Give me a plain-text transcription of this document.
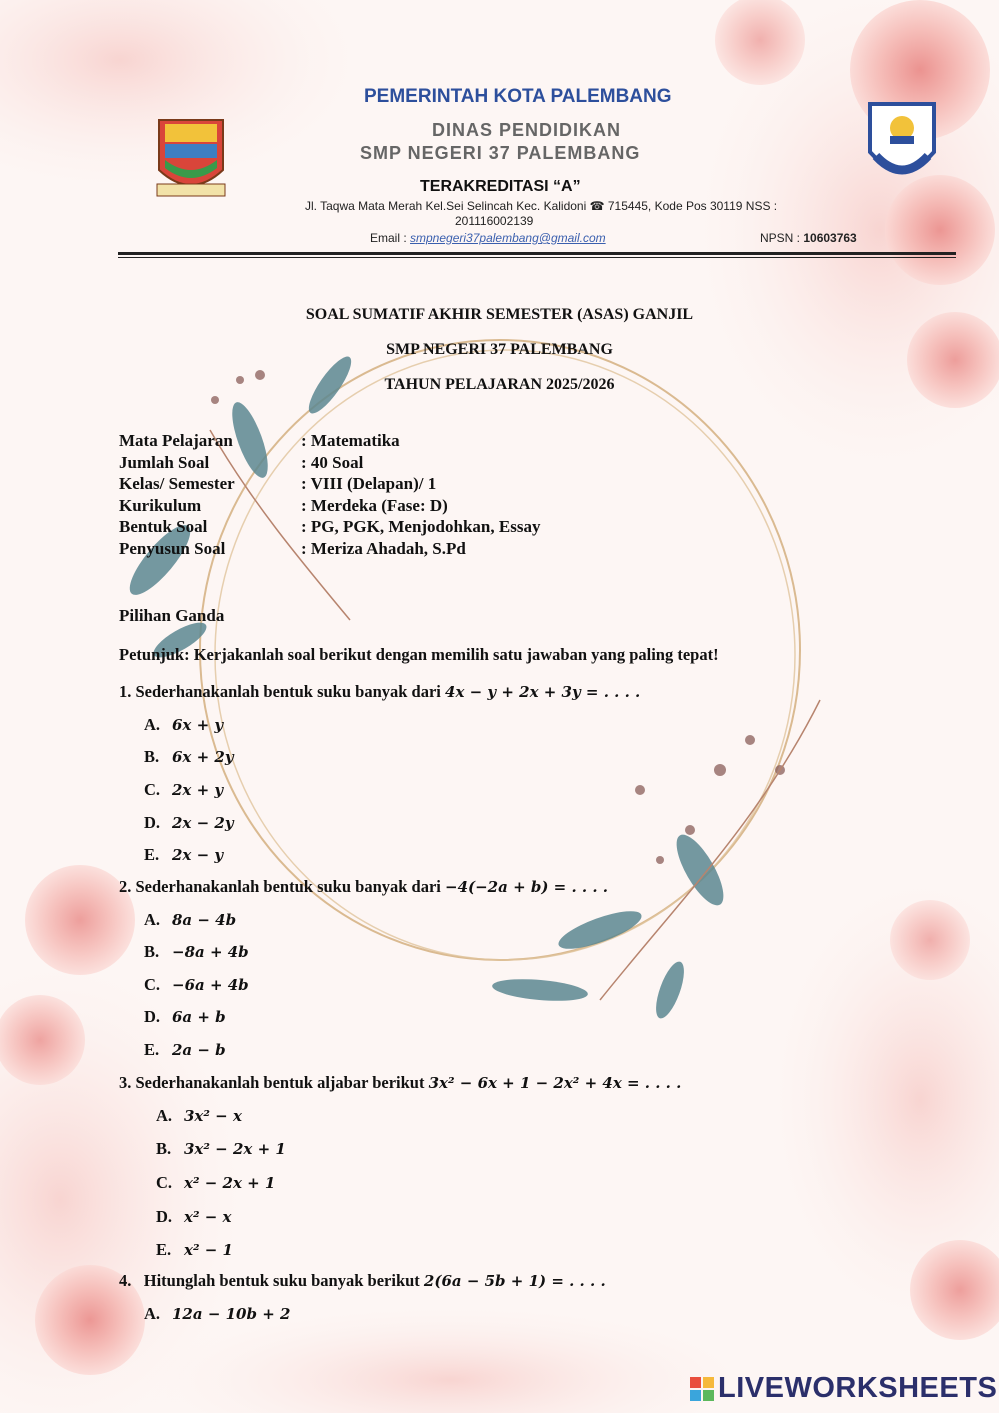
PEMERINTAH KOTA PALEMBANG
DINAS PENDIDIKAN
SMP NEGERI 37 PALEMBANG
TERAKREDITASI “A”
Jl. Taqwa Mata Merah Kel.Sei Selincah Kec. Kalidoni ☎ 715445, Kode Pos 30119 NSS :
201116002139
Email : smpnegeri37palembang@gmail.com	NPSN : 10603763
SOAL SUMATIF AKHIR SEMESTER (ASAS) GANJIL
SMP NEGERI 37 PALEMBANG
TAHUN PELAJARAN 2025/2026
Mata Pelajaran	: Matematika
Jumlah Soal	: 40 Soal
Kelas/ Semester	: VIII (Delapan)/ 1
Kurikulum	: Merdeka (Fase: D)
Bentuk Soal	: PG, PGK, Menjodohkan, Essay
Penyusun Soal	: Meriza Ahadah, S.Pd
Pilihan Ganda
Petunjuk: Kerjakanlah soal berikut dengan memilih satu jawaban yang paling tepat!
1. Sederhanakanlah bentuk suku banyak dari 4x − y + 2x + 3y = . . . .
A. 6x + y
B. 6x + 2y
C. 2x + y
D. 2x − 2y
E. 2x − y
2. Sederhanakanlah bentuk suku banyak dari −4(−2a + b) = . . . .
A. 8a − 4b
B. −8a + 4b
C. −6a + 4b
D. 6a + b
E. 2a − b
3. Sederhanakanlah bentuk aljabar berikut 3x² − 6x + 1 − 2x² + 4x = . . . .
A. 3x² − x
B. 3x² − 2x + 1
C. x² − 2x + 1
D. x² − x
E. x² − 1
4. Hitunglah bentuk suku banyak berikut 2(6a − 5b + 1) = . . . .
A. 12a − 10b + 2
LIVEWORKSHEETS
